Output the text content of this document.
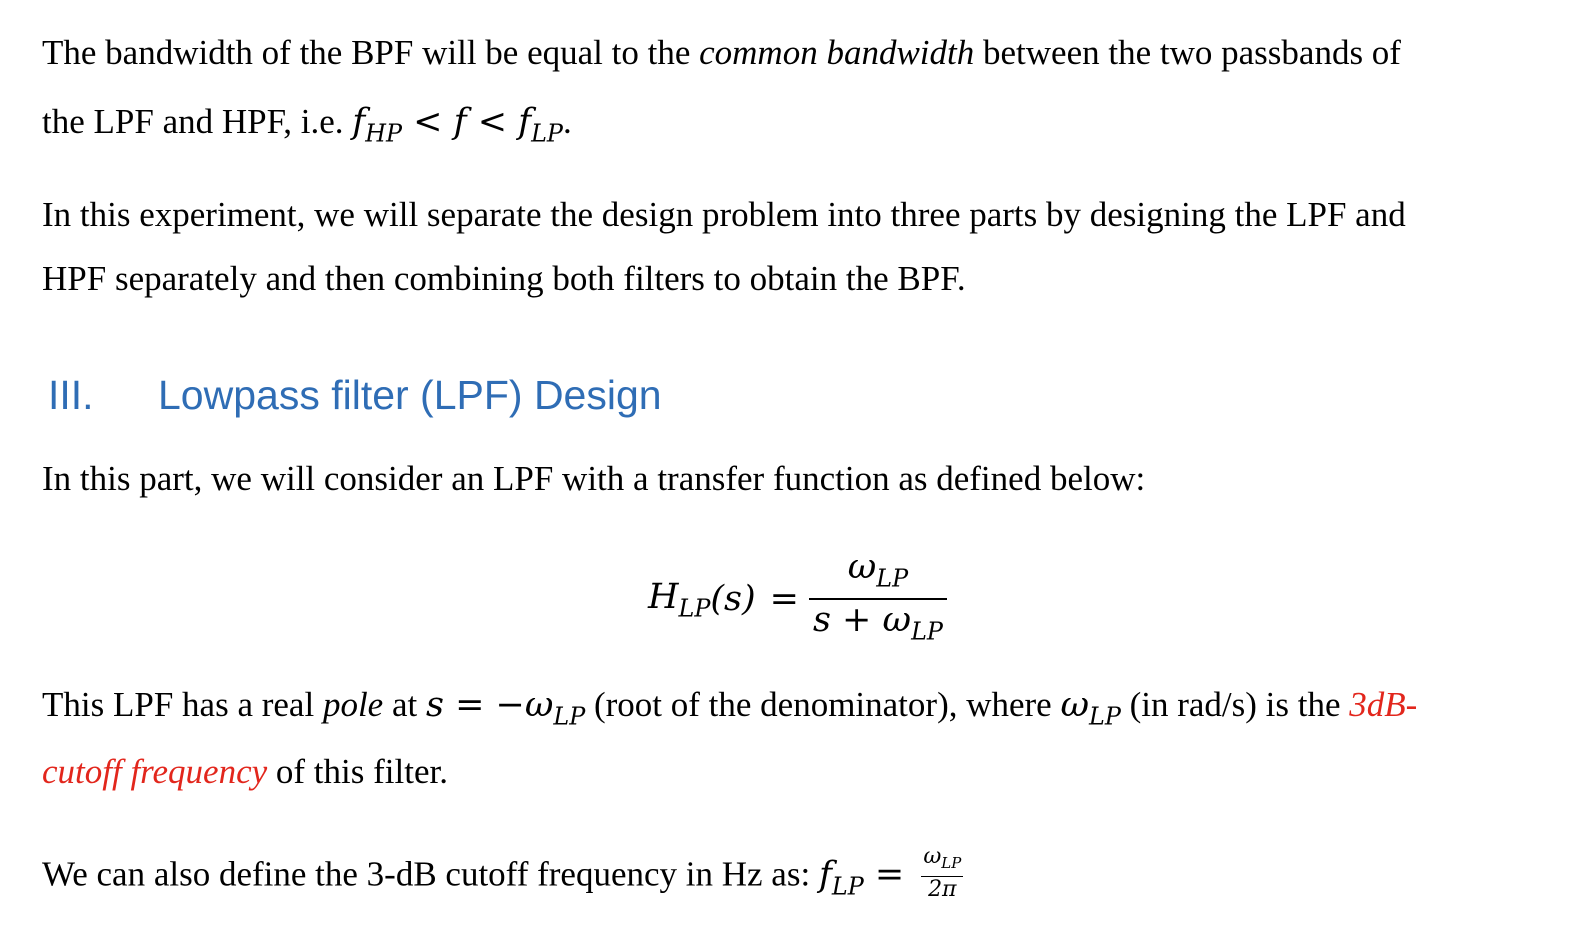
The bandwidth of the BPF will be equal to the common bandwidth between the two passbands of
the LPF and HPF, i.e. $f_{HP} < f < f_{LP}$.
In this experiment, we will separate the design problem into three parts by designing the LPF and
HPF separately and then combining both filters to obtain the BPF.
III. Lowpass filter (LPF) Design
In this part, we will consider an LPF with a transfer function as defined below:
$H_{LP}$ $(s) = \frac{\omega_{LP}}{s + \omega_{LP}}$
This LPF has a real pole at $s = -\omega_{LP}$ (root of the denominator), where $\omega_{LP}$ (in rad/s) is the 3dB-
cutoff frequency of this filter.
We can also define the 3-dB cutoff frequency in Hz as: $f_{LP} = \frac{\omega_{LP}}{2\pi}$
